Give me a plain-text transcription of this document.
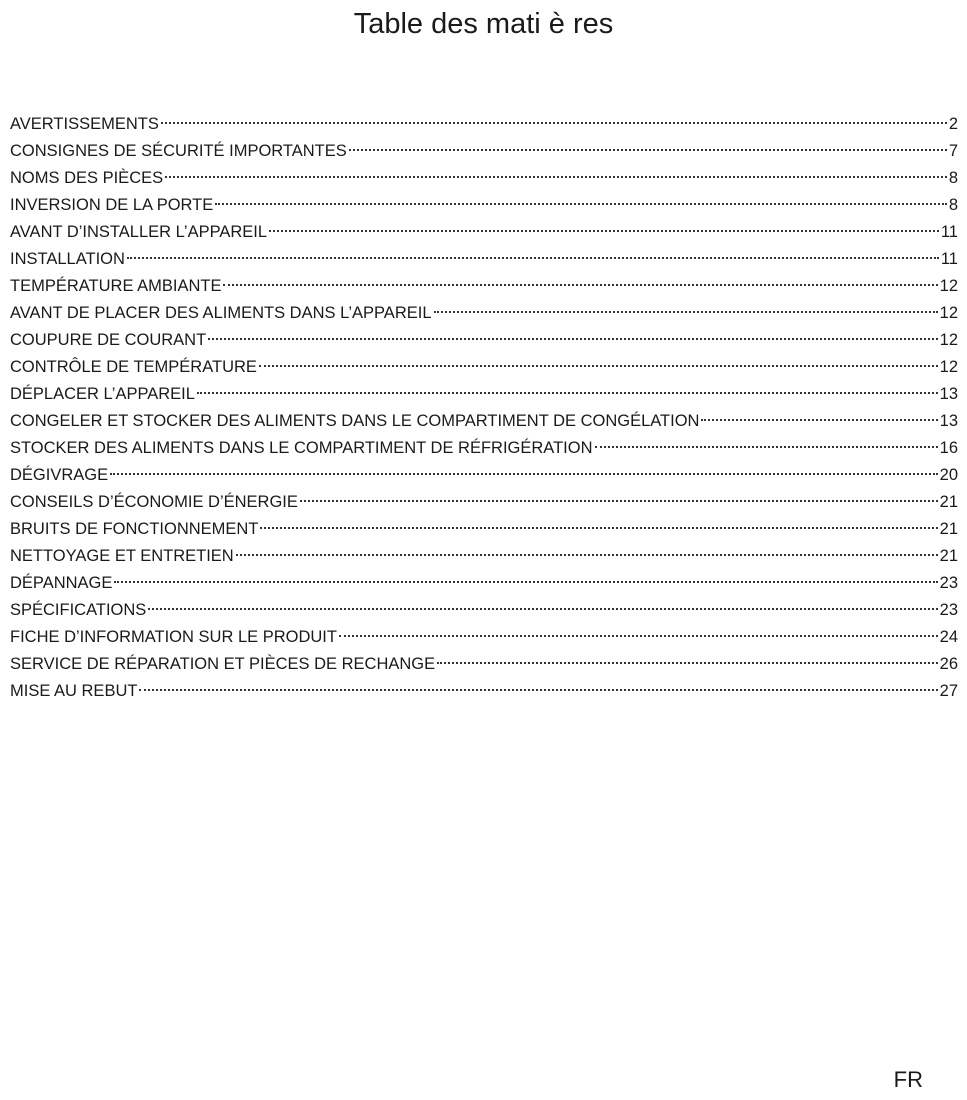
Table des mati è res
AVERTISSEMENTS	2
CONSIGNES DE SÉCURITÉ IMPORTANTES	7
NOMS DES PIÈCES	8
INVERSION DE LA PORTE	8
AVANT D’INSTALLER L’APPAREIL	11
INSTALLATION	11
TEMPÉRATURE AMBIANTE	12
AVANT DE PLACER DES ALIMENTS DANS L’APPAREIL	12
COUPURE DE COURANT	12
CONTRÔLE DE TEMPÉRATURE	12
DÉPLACER L’APPAREIL	13
CONGELER ET STOCKER DES ALIMENTS DANS LE COMPARTIMENT DE CONGÉLATION	13
STOCKER DES ALIMENTS DANS LE COMPARTIMENT DE RÉFRIGÉRATION	16
DÉGIVRAGE	20
CONSEILS D’ÉCONOMIE D’ÉNERGIE	21
BRUITS DE FONCTIONNEMENT	21
NETTOYAGE ET ENTRETIEN	21
DÉPANNAGE	23
SPÉCIFICATIONS	23
FICHE D’INFORMATION SUR LE PRODUIT	24
SERVICE DE RÉPARATION ET PIÈCES DE RECHANGE	26
MISE AU REBUT	27
FR
